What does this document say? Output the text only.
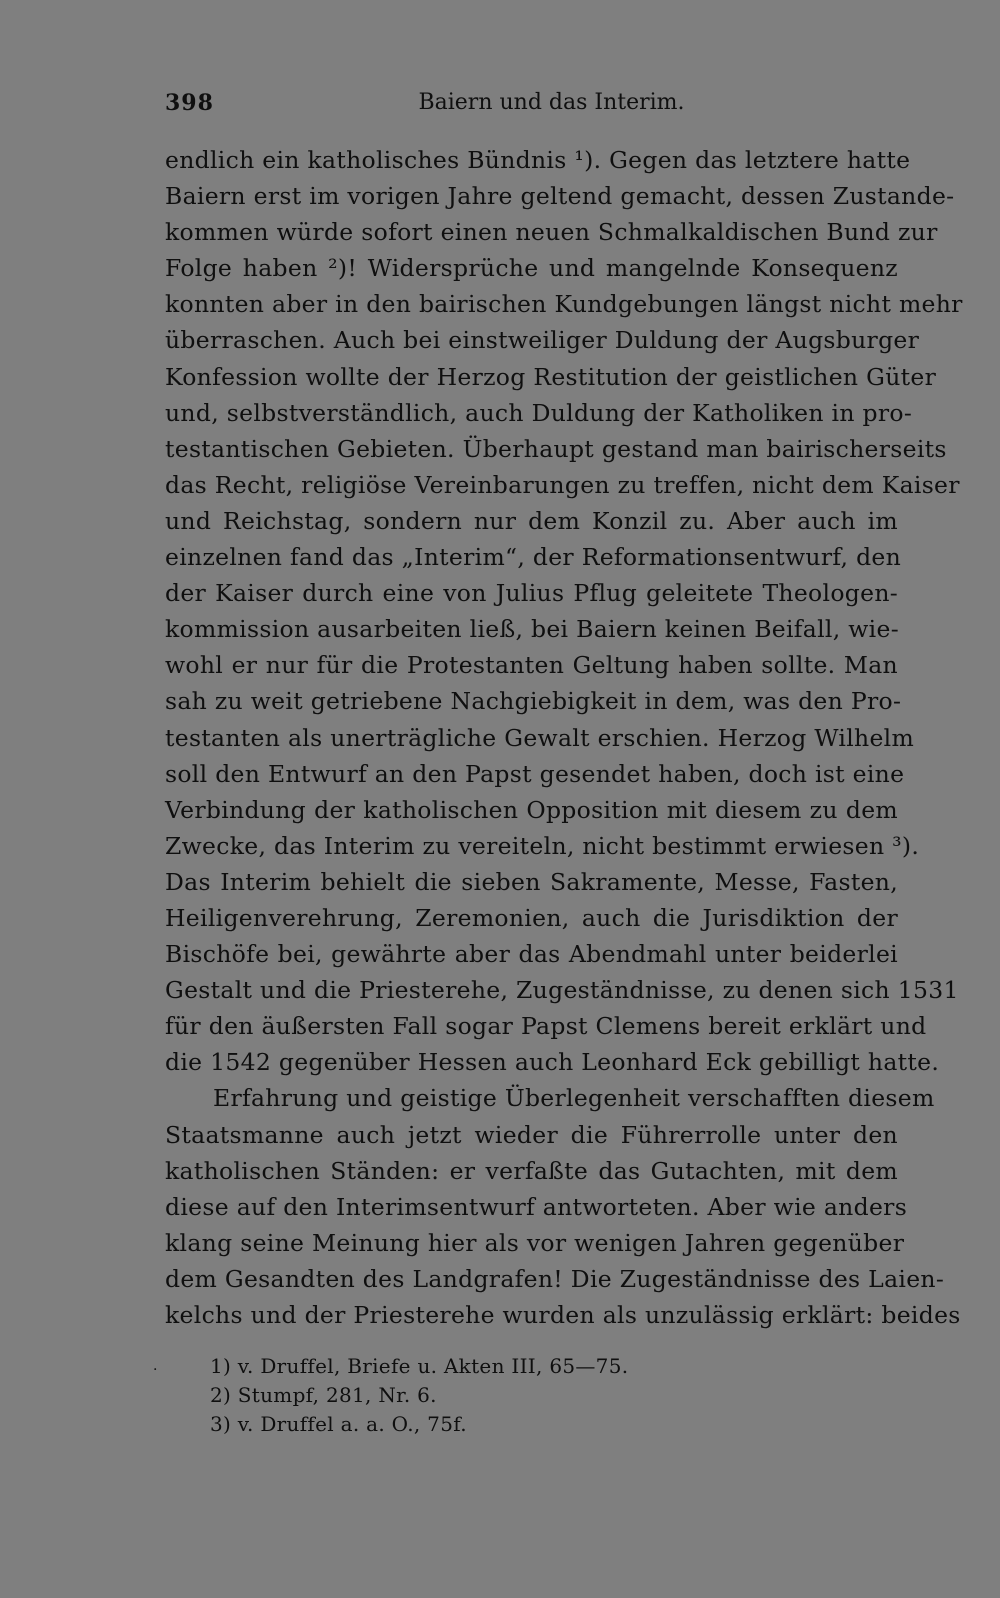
398	Baiern und das Interim.
endlich ein katholisches Bündnis ¹). Gegen das letztere hatte
Baiern erst im vorigen Jahre geltend gemacht, dessen Zustande-
kommen würde sofort einen neuen Schmalkaldischen Bund zur
Folge haben ²)! Widersprüche und mangelnde Konsequenz
konnten aber in den bairischen Kundgebungen längst nicht mehr
überraschen. Auch bei einstweiliger Duldung der Augsburger
Konfession wollte der Herzog Restitution der geistlichen Güter
und, selbstverständlich, auch Duldung der Katholiken in pro-
testantischen Gebieten. Überhaupt gestand man bairischerseits
das Recht, religiöse Vereinbarungen zu treffen, nicht dem Kaiser
und Reichstag, sondern nur dem Konzil zu. Aber auch im
einzelnen fand das „Interim“, der Reformationsentwurf, den
der Kaiser durch eine von Julius Pflug geleitete Theologen-
kommission ausarbeiten ließ, bei Baiern keinen Beifall, wie-
wohl er nur für die Protestanten Geltung haben sollte. Man
sah zu weit getriebene Nachgiebigkeit in dem, was den Pro-
testanten als unerträgliche Gewalt erschien. Herzog Wilhelm
soll den Entwurf an den Papst gesendet haben, doch ist eine
Verbindung der katholischen Opposition mit diesem zu dem
Zwecke, das Interim zu vereiteln, nicht bestimmt erwiesen ³).
Das Interim behielt die sieben Sakramente, Messe, Fasten,
Heiligenverehrung, Zeremonien, auch die Jurisdiktion der
Bischöfe bei, gewährte aber das Abendmahl unter beiderlei
Gestalt und die Priesterehe, Zugeständnisse, zu denen sich 1531
für den äußersten Fall sogar Papst Clemens bereit erklärt und
die 1542 gegenüber Hessen auch Leonhard Eck gebilligt hatte.
Erfahrung und geistige Überlegenheit verschafften diesem
Staatsmanne auch jetzt wieder die Führerrolle unter den
katholischen Ständen: er verfaßte das Gutachten, mit dem
diese auf den Interimsentwurf antworteten. Aber wie anders
klang seine Meinung hier als vor wenigen Jahren gegenüber
dem Gesandten des Landgrafen! Die Zugeständnisse des Laien-
kelchs und der Priesterehe wurden als unzulässig erklärt: beides
·	1) v. Druffel, Briefe u. Akten III, 65—75.
2) Stumpf, 281, Nr. 6.
3) v. Druffel a. a. O., 75f.
